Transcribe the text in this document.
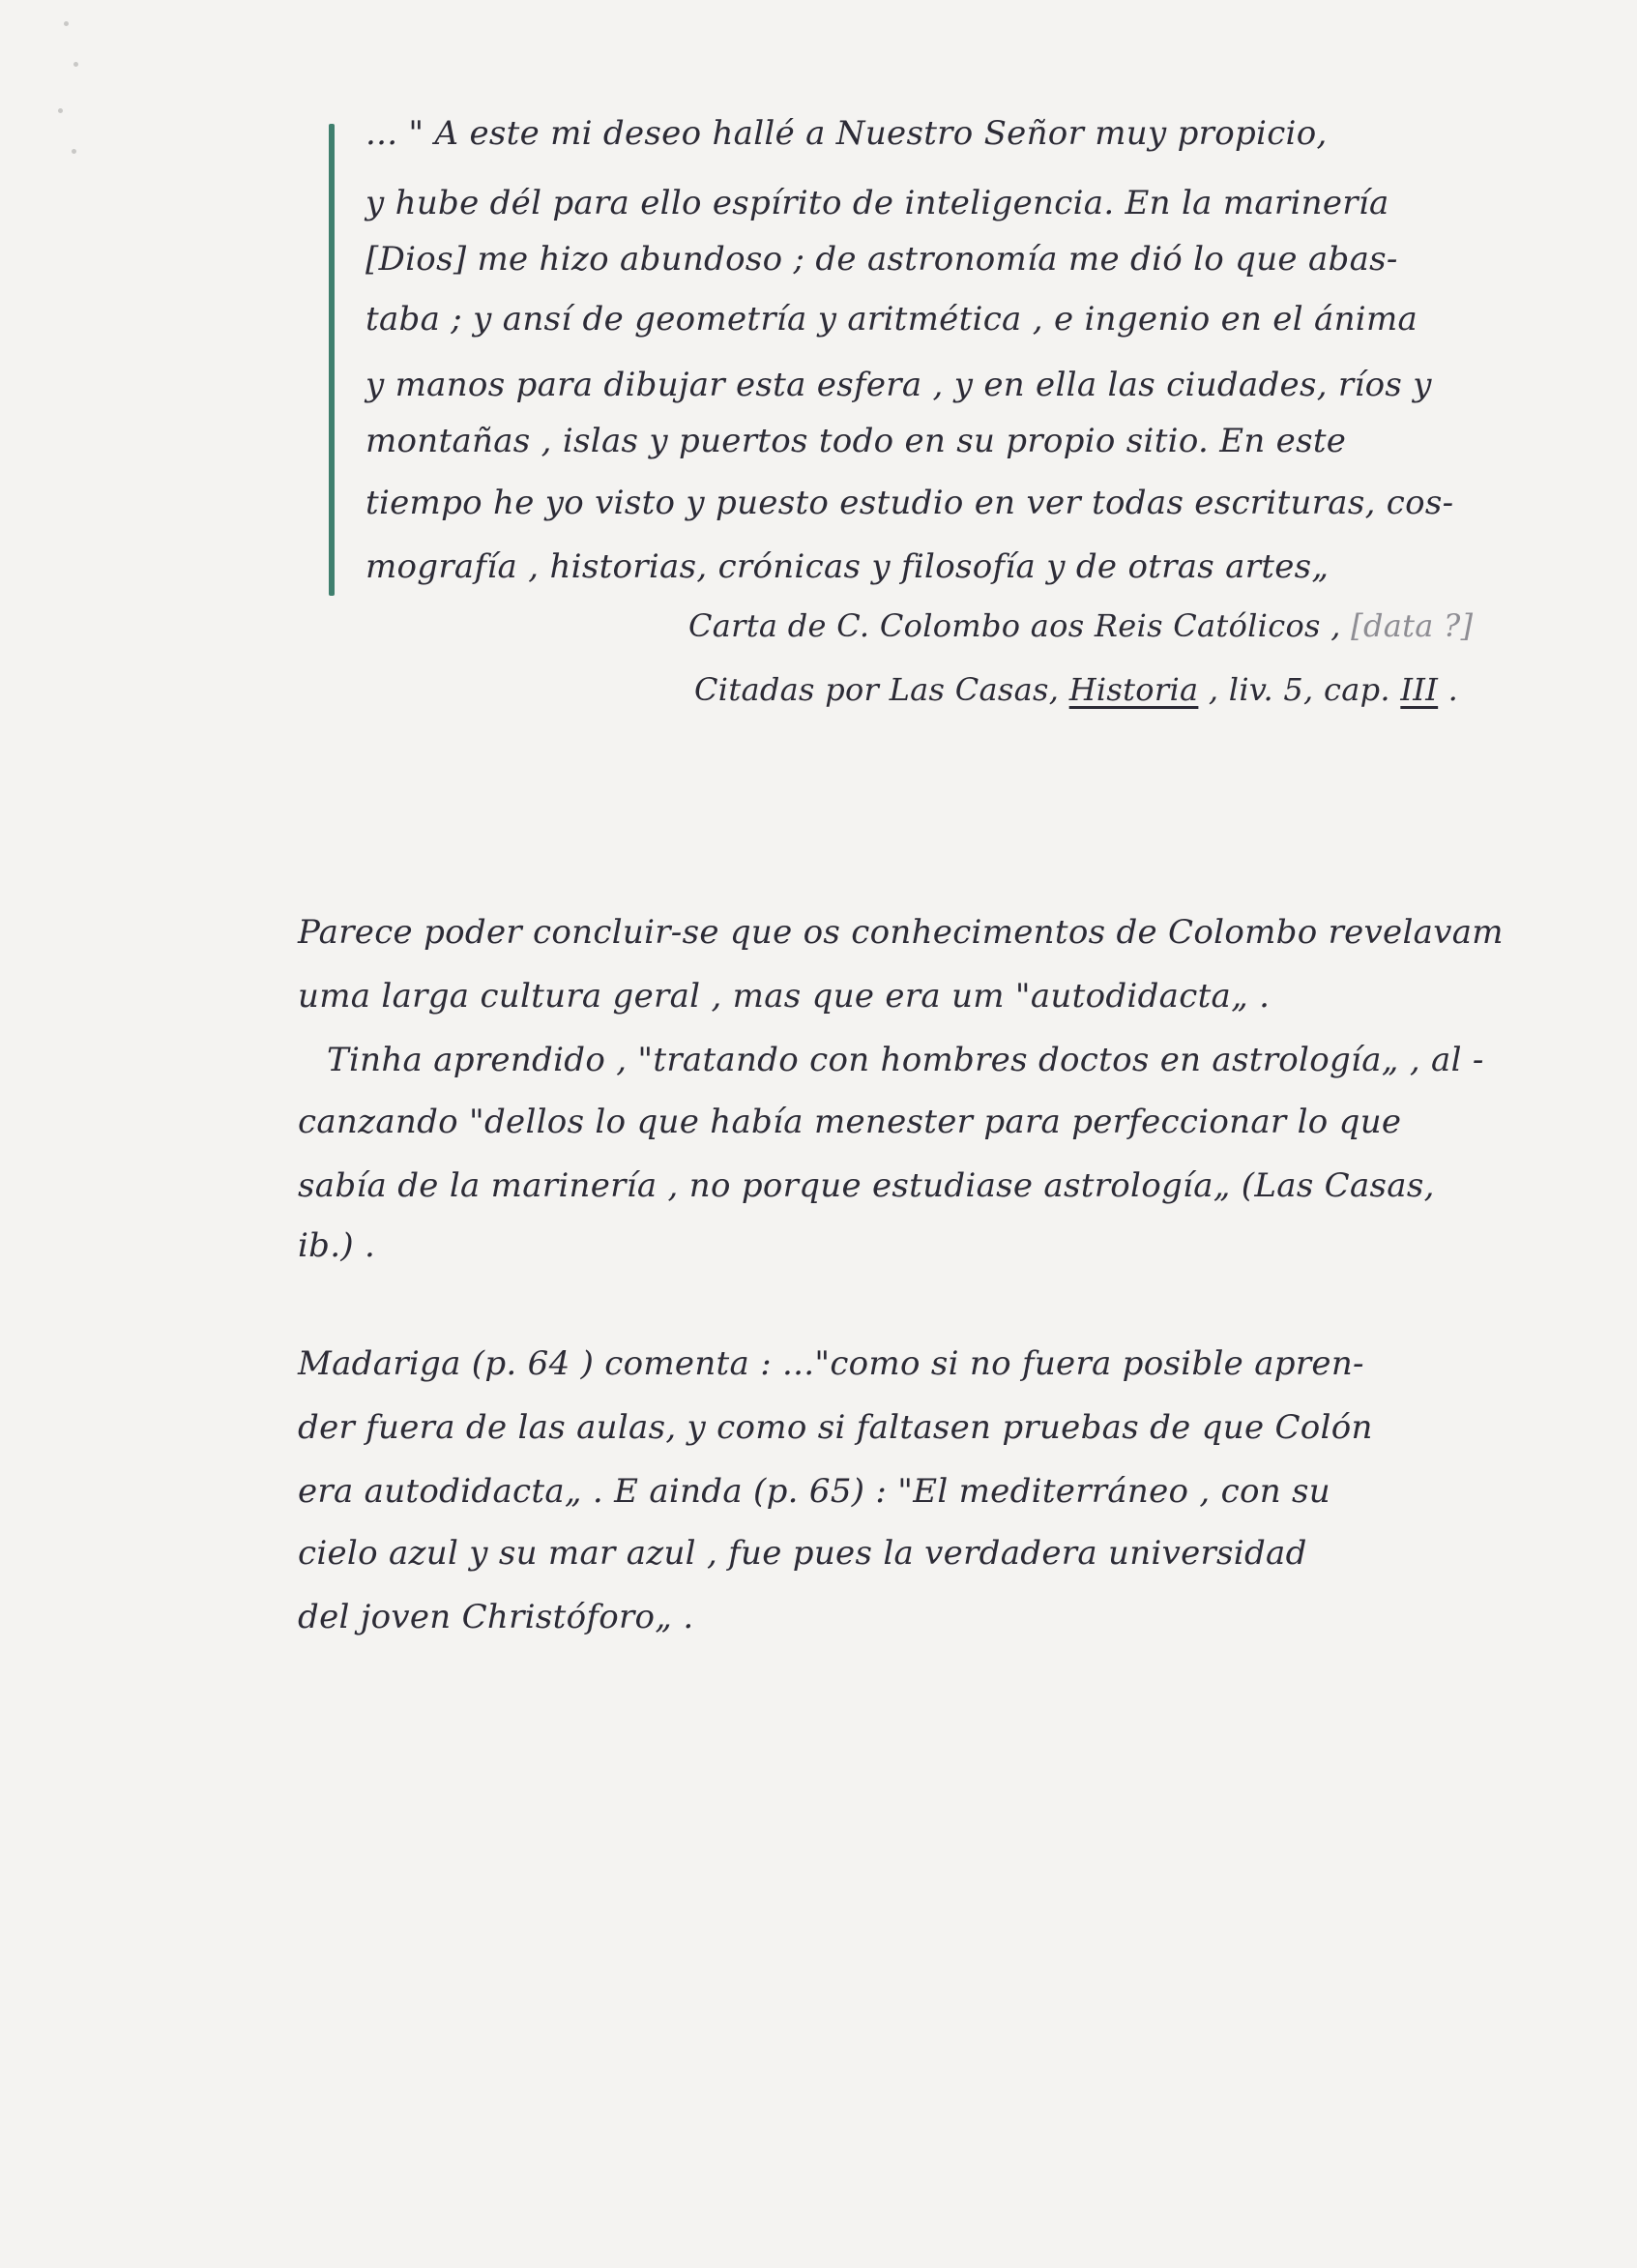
... " A este mi deseo hallé a Nuestro Señor muy propicio,
y hube dél para ello espírito de inteligencia. En la marinería
[Dios] me hizo abundoso ; de astronomía me dió lo que abas-
taba ; y ansí de geometría y aritmética , e ingenio en el ánima
y manos para dibujar esta esfera , y en ella las ciudades, ríos y
montañas , islas y puertos todo en su propio sitio. En este
tiempo he yo visto y puesto estudio en ver todas escrituras, cos-
mografía , historias, crónicas y filosofía y de otras artes„
Carta de C. Colombo aos Reis Católicos , [data ?]
Citadas por Las Casas, Historia , liv. 5, cap. III .
Parece poder concluir-se que os conhecimentos de Colombo revelavam
uma larga cultura geral , mas que era um "autodidacta„ .
Tinha aprendido , "tratando con hombres doctos en astrología„ , al -
canzando "dellos lo que había menester para perfeccionar lo que
sabía de la marinería , no porque estudiase astrología„ (Las Casas,
ib.) .
Madariga (p. 64 ) comenta : ..."como si no fuera posible apren-
der fuera de las aulas, y como si faltasen pruebas de que Colón
era autodidacta„ . E ainda (p. 65) : "El mediterráneo , con su
cielo azul y su mar azul , fue pues la verdadera universidad
del joven Christóforo„ .
